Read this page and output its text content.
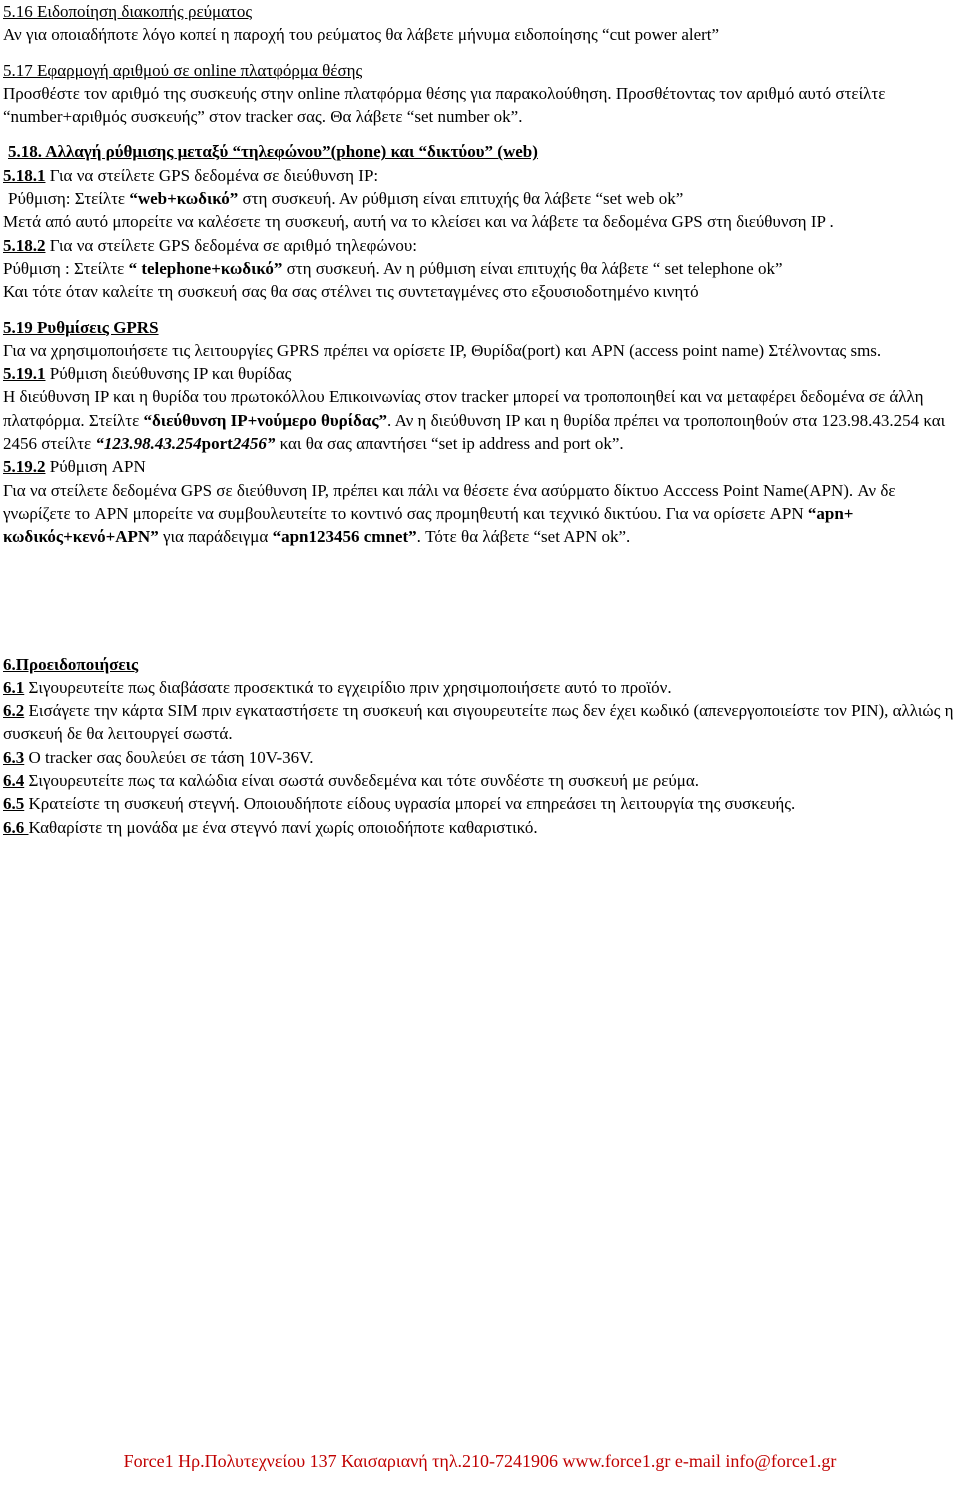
5.16 Ειδοποίηση διακοπής ρεύματος

Αν για οποιαδήποτε λόγο κοπεί η παροχή του ρεύματος θα λάβετε μήνυμα ειδοποίησης “cut power alert”

5.17 Εφαρμογή αριθμού σε online πλατφόρμα θέσης

Προσθέστε τον αριθμό της συσκευής στην online πλατφόρμα θέσης για παρακολούθηση. Προσθέτοντας τον αριθμό αυτό στείλτε “number+αριθμός συσκευής” στον tracker σας. Θα λάβετε “set number ok”.

5.18. Αλλαγή ρύθμισης μεταξύ “τηλεφώνου”(phone) και “δικτύου” (web)

5.18.1 Για να στείλετε GPS δεδομένα σε διεύθυνση IP:

Ρύθμιση: Στείλτε “web+κωδικό” στη συσκευή. Αν ρύθμιση είναι επιτυχής θα λάβετε “set web ok”

Μετά από αυτό μπορείτε να καλέσετε τη συσκευή, αυτή να το κλείσει και να λάβετε τα δεδομένα GPS στη διεύθυνση IP .

5.18.2 Για να στείλετε GPS δεδομένα σε αριθμό τηλεφώνου:

Ρύθμιση : Στείλτε “ telephone+κωδικό” στη συσκευή. Αν η ρύθμιση είναι επιτυχής θα λάβετε “ set telephone ok”

Και τότε όταν καλείτε τη συσκευή σας θα σας στέλνει τις συντεταγμένες στο εξουσιοδοτημένο κινητό

5.19 Ρυθμίσεις GPRS

Για να χρησιμοποιήσετε τις λειτουργίες GPRS πρέπει να ορίσετε IP, Θυρίδα(port) και APN (access point name) Στέλνοντας sms.

5.19.1 Ρύθμιση διεύθυνσης IP και θυρίδας

Η διεύθυνση IP και η θυρίδα του πρωτοκόλλου Επικοινωνίας στον tracker μπορεί να τροποποιηθεί και να μεταφέρει δεδομένα σε άλλη πλατφόρμα. Στείλτε “διεύθυνση IP+νούμερο θυρίδας”. Αν η διεύθυνση IP και η θυρίδα πρέπει να τροποποιηθούν στα 123.98.43.254 και 2456 στείλτε “123.98.43.254port2456” και θα σας απαντήσει “set ip address and port ok”.

5.19.2 Ρύθμιση APN

Για να στείλετε δεδομένα GPS σε διεύθυνση IP, πρέπει και πάλι να θέσετε ένα ασύρματο δίκτυο Acccess Point Name(APN). Αν δε γνωρίζετε το APN μπορείτε να συμβουλευτείτε το κοντινό σας προμηθευτή και τεχνικό δικτύου. Για να ορίσετε APN “apn+ κωδικός+κενό+APN” για παράδειγμα “apn123456 cmnet”. Τότε θα λάβετε “set APN ok”.

6.Προειδοποιήσεις

6.1 Σιγουρευτείτε πως διαβάσατε προσεκτικά το εγχειρίδιο πριν χρησιμοποιήσετε αυτό το προϊόν.

6.2 Εισάγετε την κάρτα SIM πριν εγκαταστήσετε τη συσκευή και σιγουρευτείτε πως δεν έχει κωδικό (απενεργοποιείστε τον PIN), αλλιώς η συσκευή δε θα λειτουργεί σωστά.

6.3 Ο tracker σας δουλεύει σε τάση 10V-36V.

6.4 Σιγουρευτείτε πως τα καλώδια είναι σωστά συνδεδεμένα και τότε συνδέστε τη συσκευή με ρεύμα.

6.5 Κρατείστε τη συσκευή στεγνή. Οποιουδήποτε είδους υγρασία μπορεί να επηρεάσει τη λειτουργία της συσκευής.

6.6 Καθαρίστε τη μονάδα με ένα στεγνό πανί χωρίς οποιοδήποτε καθαριστικό.

Force1 Ηρ.Πολυτεχνείου 137 Καισαριανή τηλ.210-7241906 www.force1.gr e-mail info@force1.gr
